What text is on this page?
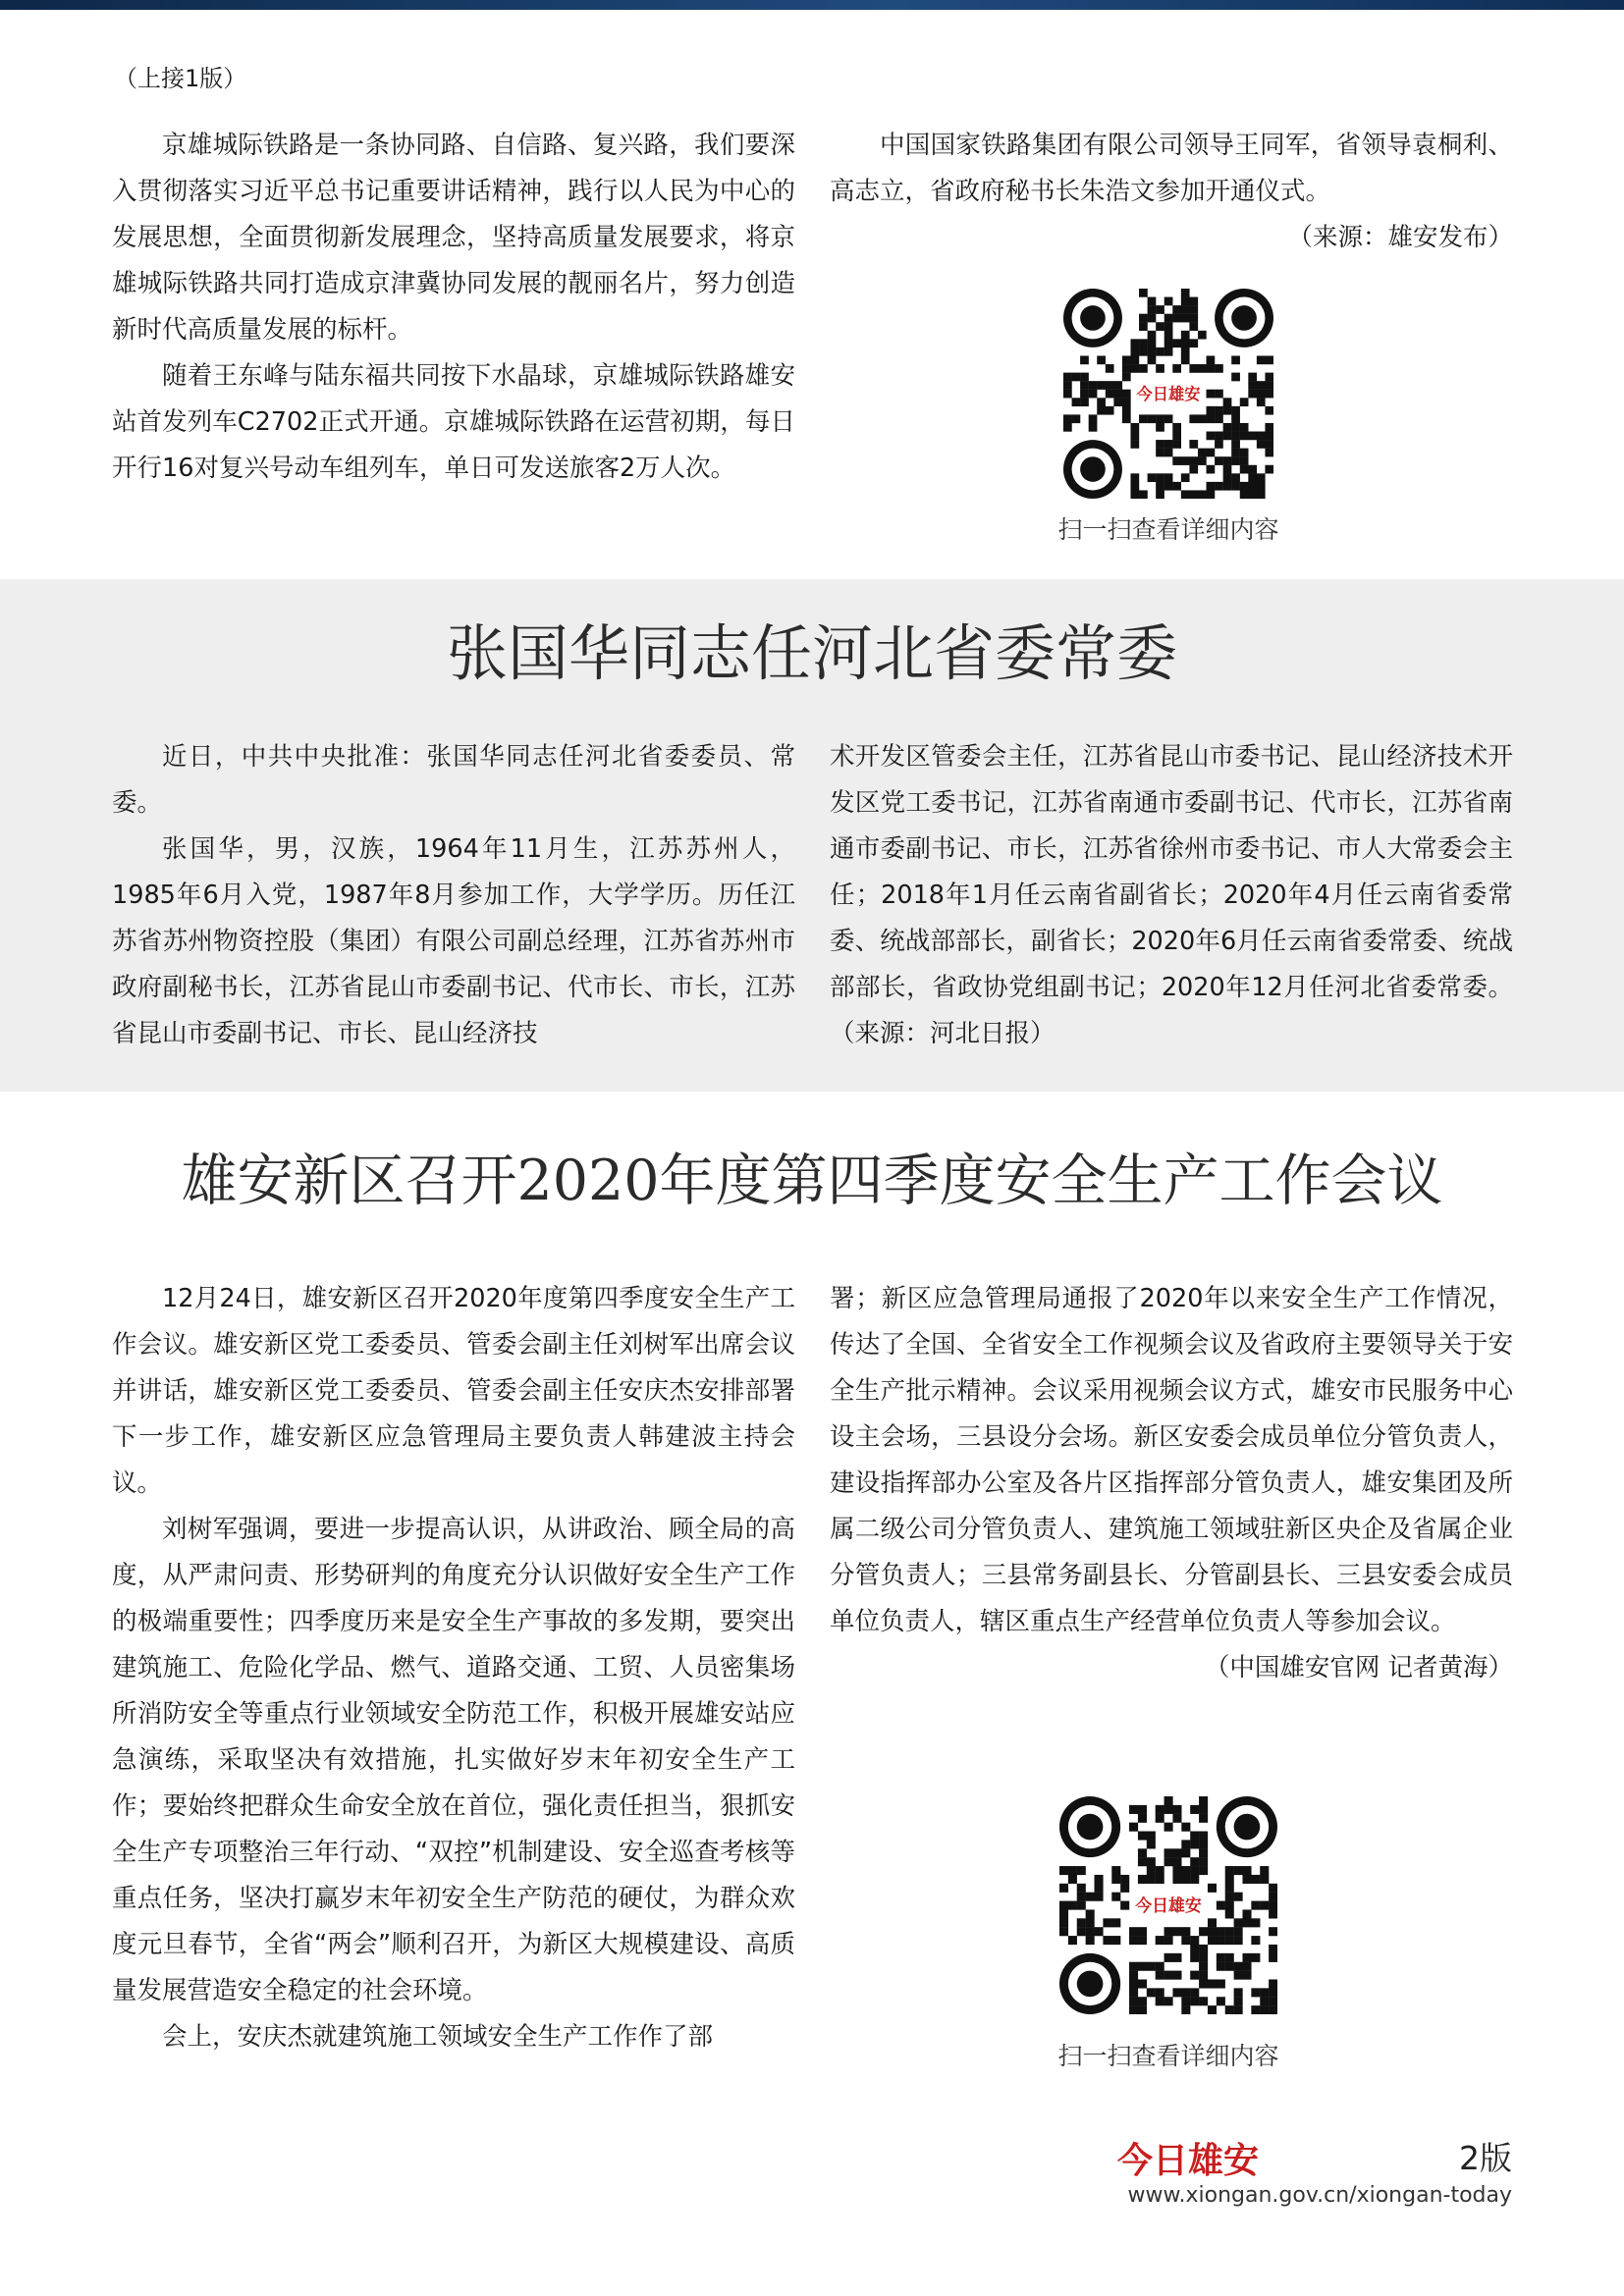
（上接1版）

京雄城际铁路是一条协同路、自信路、复兴路，我们要深入贯彻落实习近平总书记重要讲话精神，践行以人民为中心的发展思想，全面贯彻新发展理念，坚持高质量发展要求，将京雄城际铁路共同打造成京津冀协同发展的靓丽名片，努力创造新时代高质量发展的标杆。

随着王东峰与陆东福共同按下水晶球，京雄城际铁路雄安站首发列车C2702正式开通。京雄城际铁路在运营初期，每日开行16对复兴号动车组列车，单日可发送旅客2万人次。

中国国家铁路集团有限公司领导王同军，省领导袁桐利、高志立，省政府秘书长朱浩文参加开通仪式。

（来源：雄安发布）
今日雄安
扫一扫查看详细内容
张国华同志任河北省委常委

近日，中共中央批准：张国华同志任河北省委委员、常委。

张国华，男，汉族，1964年11月生，江苏苏州人，1985年6月入党，1987年8月参加工作，大学学历。历任江苏省苏州物资控股（集团）有限公司副总经理，江苏省苏州市政府副秘书长，江苏省昆山市委副书记、代市长、市长，江苏省昆山市委副书记、市长、昆山经济技

术开发区管委会主任，江苏省昆山市委书记、昆山经济技术开发区党工委书记，江苏省南通市委副书记、代市长，江苏省南通市委副书记、市长，江苏省徐州市委书记、市人大常委会主任；2018年1月任云南省副省长；2020年4月任云南省委常委、统战部部长，副省长；2020年6月任云南省委常委、统战部部长，省政协党组副书记；2020年12月任河北省委常委。（来源：河北日报）

雄安新区召开2020年度第四季度安全生产工作会议

12月24日，雄安新区召开2020年度第四季度安全生产工作会议。雄安新区党工委委员、管委会副主任刘树军出席会议并讲话，雄安新区党工委委员、管委会副主任安庆杰安排部署下一步工作，雄安新区应急管理局主要负责人韩建波主持会议。

刘树军强调，要进一步提高认识，从讲政治、顾全局的高度，从严肃问责、形势研判的角度充分认识做好安全生产工作的极端重要性；四季度历来是安全生产事故的多发期，要突出建筑施工、危险化学品、燃气、道路交通、工贸、人员密集场所消防安全等重点行业领域安全防范工作，积极开展雄安站应急演练，采取坚决有效措施，扎实做好岁末年初安全生产工作；要始终把群众生命安全放在首位，强化责任担当，狠抓安全生产专项整治三年行动、“双控”机制建设、安全巡查考核等重点任务，坚决打赢岁末年初安全生产防范的硬仗，为群众欢度元旦春节，全省“两会”顺利召开，为新区大规模建设、高质量发展营造安全稳定的社会环境。

会上，安庆杰就建筑施工领域安全生产工作作了部

署；新区应急管理局通报了2020年以来安全生产工作情况，传达了全国、全省安全工作视频会议及省政府主要领导关于安全生产批示精神。会议采用视频会议方式，雄安市民服务中心设主会场，三县设分会场。新区安委会成员单位分管负责人，建设指挥部办公室及各片区指挥部分管负责人，雄安集团及所属二级公司分管负责人、建筑施工领域驻新区央企及省属企业分管负责人；三县常务副县长、分管副县长、三县安委会成员单位负责人，辖区重点生产经营单位负责人等参加会议。

（中国雄安官网 记者黄海）
今日雄安
扫一扫查看详细内容
今日雄安	2版
www.xiongan.gov.cn/xiongan-today
